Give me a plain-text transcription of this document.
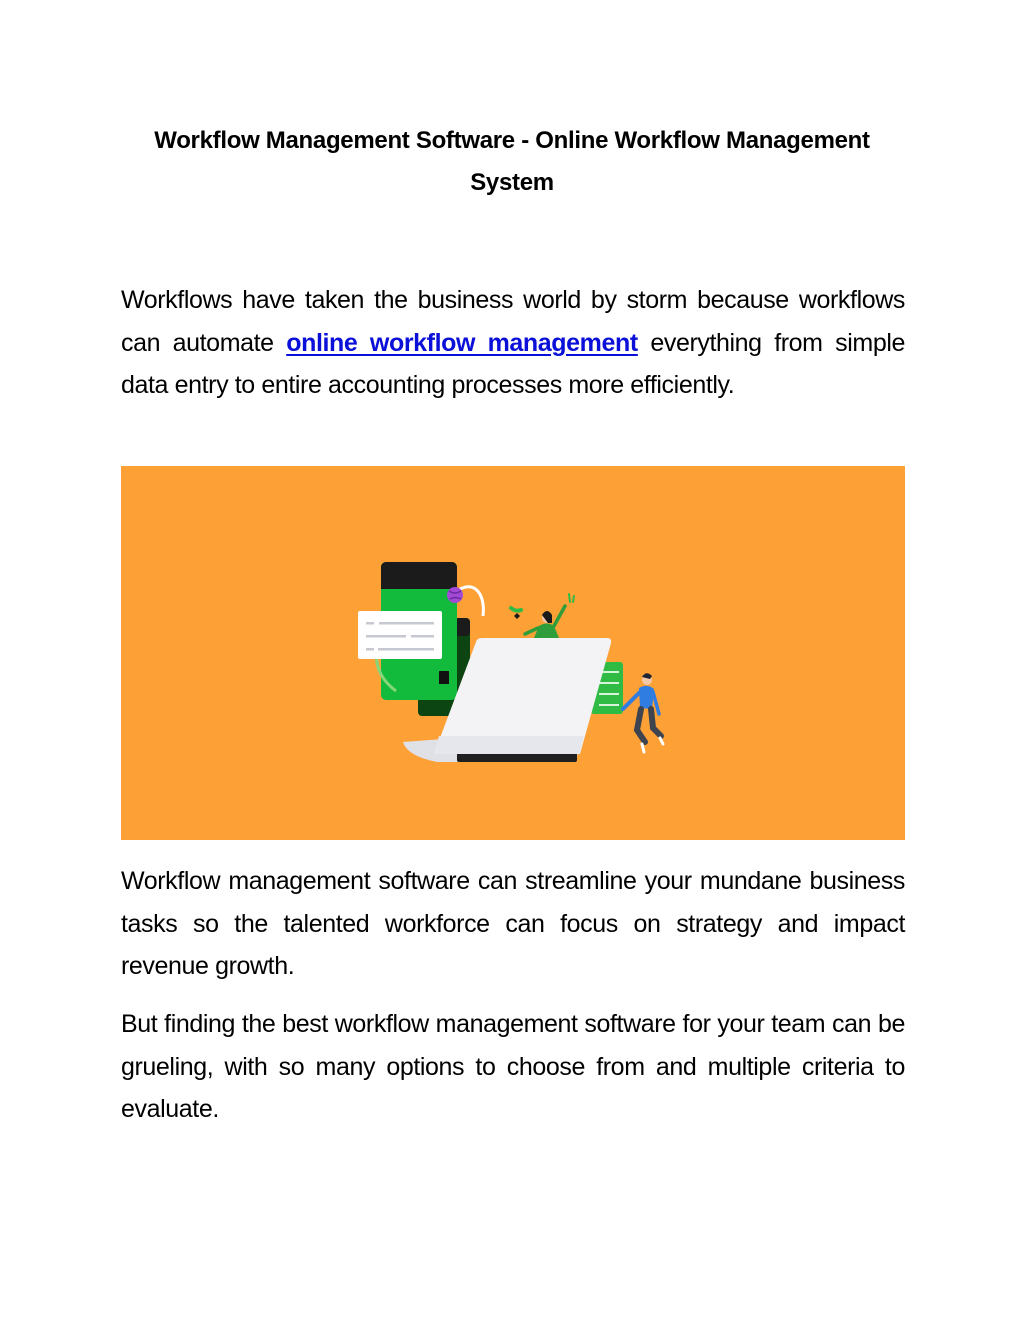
Workflow Management Software - Online Workflow Management System

Workflows have taken the business world by storm because workflows can automate online workflow management everything from simple data entry to entire accounting processes more efficiently.

Workflow management software can streamline your mundane business tasks so the talented workforce can focus on strategy and impact revenue growth.

But finding the best workflow management software for your team can be grueling, with so many options to choose from and multiple criteria to evaluate.
